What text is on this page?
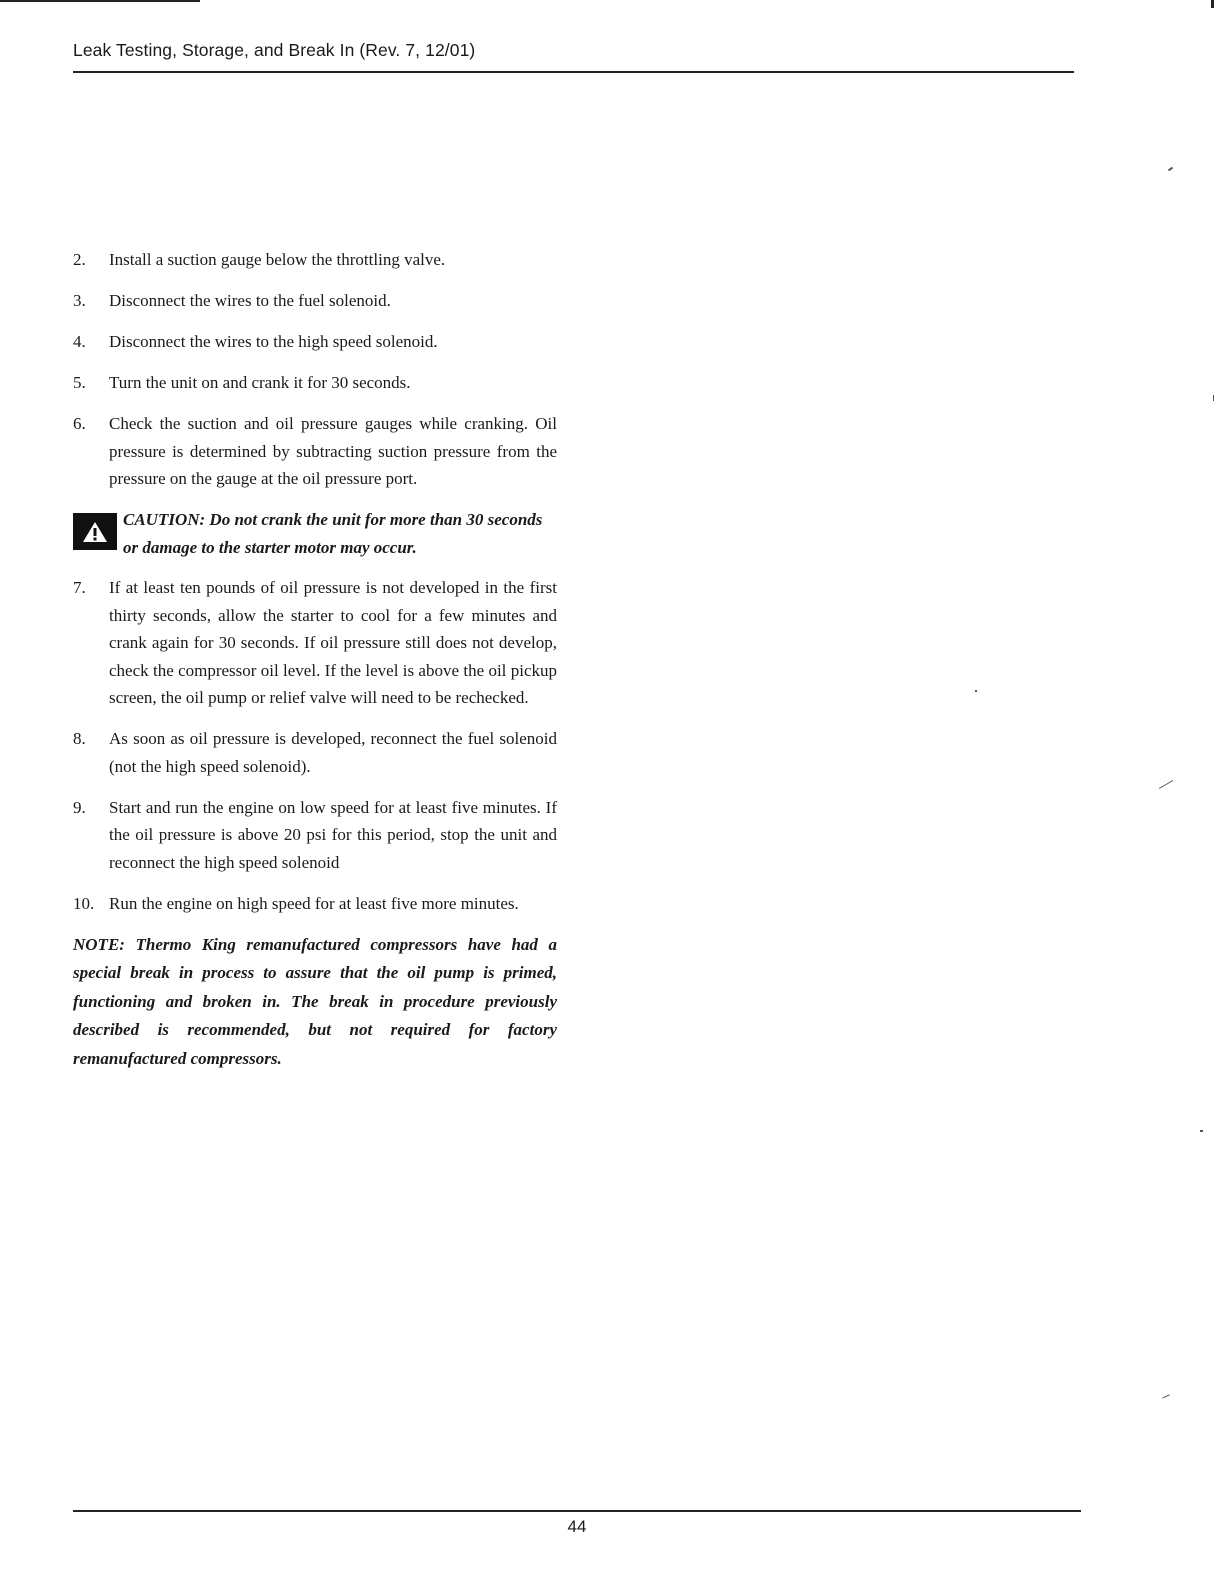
Leak Testing, Storage, and Break In (Rev. 7, 12/01)
2.	Install a suction gauge below the throttling valve.
3.	Disconnect the wires to the fuel solenoid.
4.	Disconnect the wires to the high speed solenoid.
5.	Turn the unit on and crank it for 30 seconds.
6.	Check the suction and oil pressure gauges while cranking. Oil pressure is determined by subtracting suction pressure from the pressure on the gauge at the oil pressure port.
CAUTION: Do not crank the unit for more than 30 seconds or damage to the starter motor may occur.
7.	If at least ten pounds of oil pressure is not developed in the first thirty seconds, allow the starter to cool for a few minutes and crank again for 30 seconds. If oil pressure still does not develop, check the compressor oil level. If the level is above the oil pickup screen, the oil pump or relief valve will need to be rechecked.
8.	As soon as oil pressure is developed, reconnect the fuel solenoid (not the high speed solenoid).
9.	Start and run the engine on low speed for at least five minutes. If the oil pressure is above 20 psi for this period, stop the unit and reconnect the high speed solenoid
10. Run the engine on high speed for at least five more minutes.
NOTE: Thermo King remanufactured compressors have had a special break in process to assure that the oil pump is primed, functioning and broken in. The break in procedure previously described is recommended, but not required for factory remanufactured compressors.
44
